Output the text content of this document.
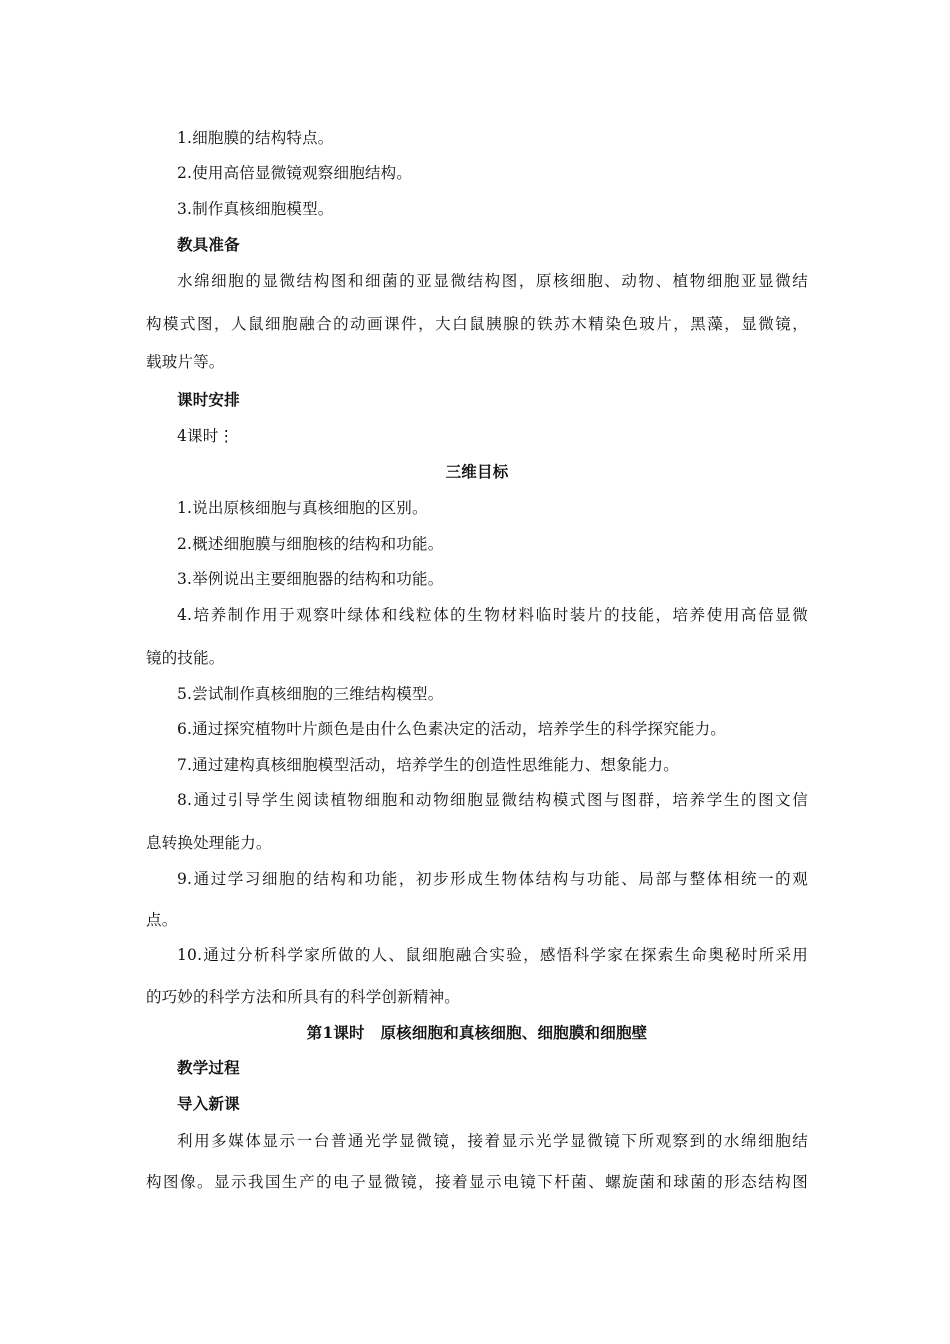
1.细胞膜的结构特点。
2.使用高倍显微镜观察细胞结构。
3.制作真核细胞模型。
教具准备
水绵细胞的显微结构图和细菌的亚显微结构图，原核细胞、动物、植物细胞亚显微结
构模式图，人鼠细胞融合的动画课件，大白鼠胰腺的铁苏木精染色玻片，黑藻，显微镜，
载玻片等。
课时安排
4课时⋮
三维目标
1.说出原核细胞与真核细胞的区别。
2.概述细胞膜与细胞核的结构和功能。
3.举例说出主要细胞器的结构和功能。
4.培养制作用于观察叶绿体和线粒体的生物材料临时装片的技能，培养使用高倍显微
镜的技能。
5.尝试制作真核细胞的三维结构模型。
6.通过探究植物叶片颜色是由什么色素决定的活动，培养学生的科学探究能力。
7.通过建构真核细胞模型活动，培养学生的创造性思维能力、想象能力。
8.通过引导学生阅读植物细胞和动物细胞显微结构模式图与图群，培养学生的图文信
息转换处理能力。
9.通过学习细胞的结构和功能，初步形成生物体结构与功能、局部与整体相统一的观
点。
10.通过分析科学家所做的人、鼠细胞融合实验，感悟科学家在探索生命奥秘时所采用
的巧妙的科学方法和所具有的科学创新精神。
第1课时　原核细胞和真核细胞、细胞膜和细胞壁
教学过程
导入新课
利用多媒体显示一台普通光学显微镜，接着显示光学显微镜下所观察到的水绵细胞结
构图像。显示我国生产的电子显微镜，接着显示电镜下杆菌、螺旋菌和球菌的形态结构图
